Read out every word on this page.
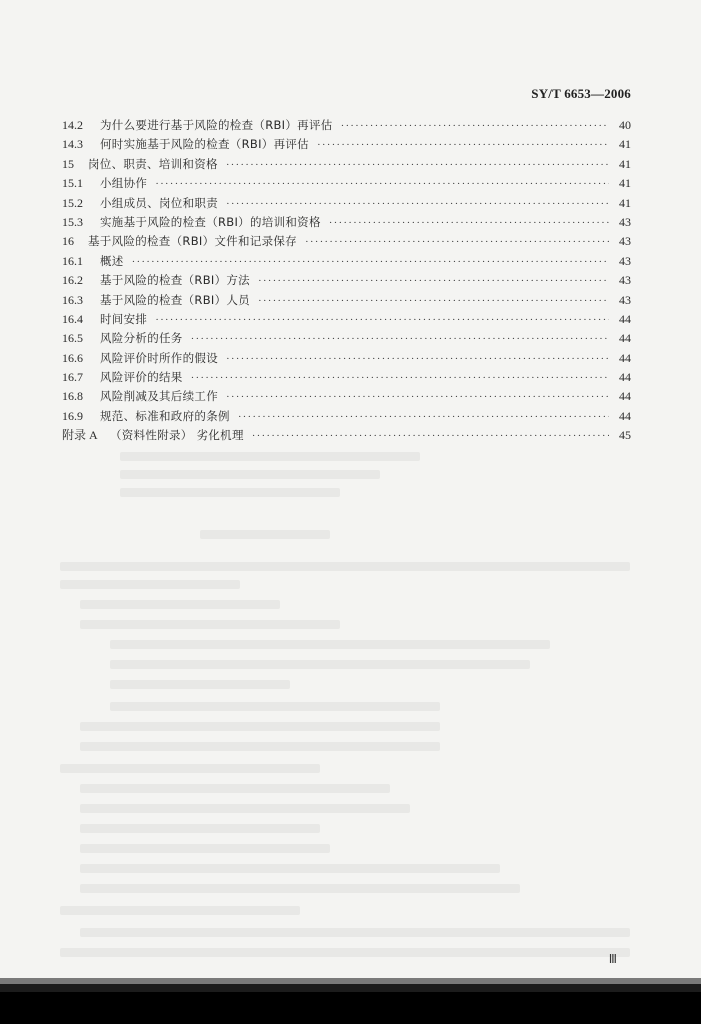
SY/T 6653—2006
14.2	为什么要进行基于风险的检查（RBI）再评估 ·····	40
14.3	何时实施基于风险的检查（RBI）再评估 ·····	41
15	岗位、职责、培训和资格 ·····	41
15.1	小组协作 ·····	41
15.2	小组成员、岗位和职责 ·····	41
15.3	实施基于风险的检查（RBI）的培训和资格 ·····	43
16	基于风险的检查（RBI）文件和记录保存 ·····	43
16.1	概述 ·····	43
16.2	基于风险的检查（RBI）方法 ·····	43
16.3	基于风险的检查（RBI）人员 ·····	43
16.4	时间安排 ·····	44
16.5	风险分析的任务 ·····	44
16.6	风险评价时所作的假设 ·····	44
16.7	风险评价的结果 ·····	44
16.8	风险削减及其后续工作 ·····	44
16.9	规范、标准和政府的条例 ·····	44
附录 A	（资料性附录） 劣化机理 ·····	45
Ⅲ
